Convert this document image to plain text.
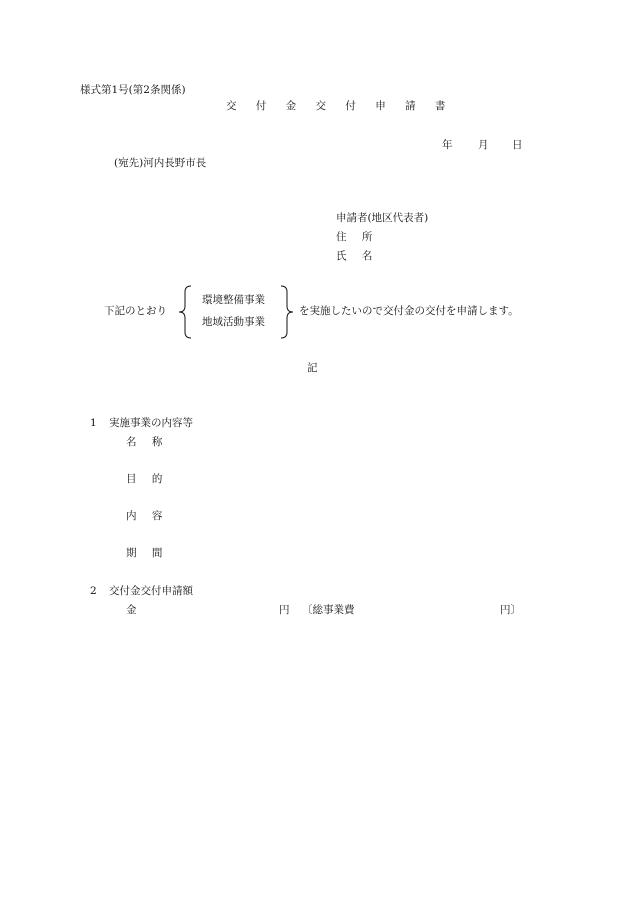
様式第1号(第2条関係)
交 付 金 交 付 申 請 書
年 月 日
(宛先)河内長野市長
申請者(地区代表者)
住 所
氏 名
下記のとおり
環境整備事業
地域活動事業
を実施したいので交付金の交付を申請します。
記
1 実施事業の内容等
名 称
目 的
内 容
期 間
2 交付金交付申請額
金	円 〔総事業費	円〕
